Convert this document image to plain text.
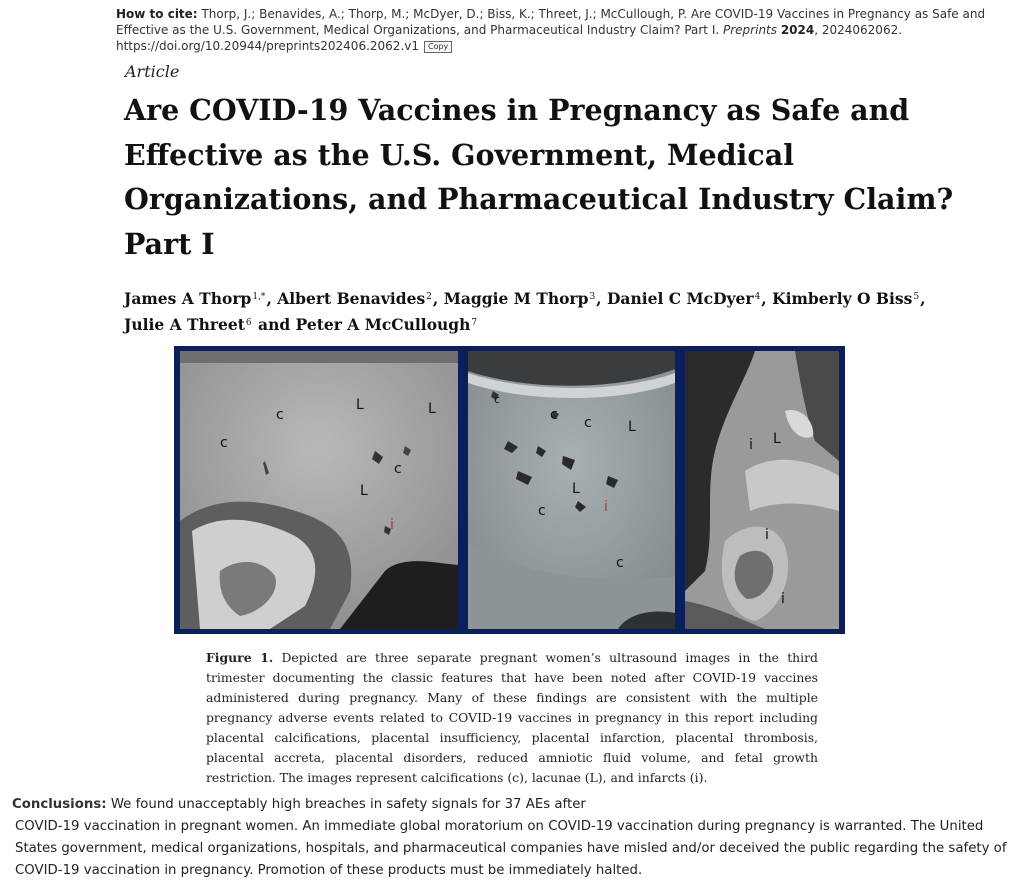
How to cite: Thorp, J.; Benavides, A.; Thorp, M.; McDyer, D.; Biss, K.; Threet, J.; McCullough, P. Are COVID-19 Vaccines in Pregnancy as Safe and Effective as the U.S. Government, Medical Organizations, and Pharmaceutical Industry Claim? Part I. Preprints 2024, 2024062062.
https://doi.org/10.20944/preprints202406.2062.v1 Copy
Article
Are COVID-19 Vaccines in Pregnancy as Safe and Effective as the U.S. Government, Medical Organizations, and Pharmaceutical Industry Claim? Part I
James A Thorp$^{1,*}$, Albert Benavides$^2$, Maggie M Thorp$^3$, Daniel C McDyer$^4$, Kimberly O Biss$^5$,
Julie A Threet$^6$ and Peter A McCullough$^7$
c
c
L	L
c
L
i
c
c c	L
L
c	i
c
i L
i
i
Figure 1. Depicted are three separate pregnant women’s ultrasound images in the third trimester documenting the classic features that have been noted after COVID-19 vaccines administered during pregnancy. Many of these findings are consistent with the multiple pregnancy adverse events related to COVID-19 vaccines in pregnancy in this report including placental calcifications, placental insufficiency, placental infarction, placental thrombosis, placental accreta, placental disorders, reduced amniotic fluid volume, and fetal growth restriction. The images represent calcifications (c), lacunae (L), and infarcts (i).
Conclusions: We found unacceptably high breaches in safety signals for 37 AEs after
COVID-19 vaccination in pregnant women. An immediate global moratorium on COVID-19 vaccination during pregnancy is warranted. The United States government, medical organizations, hospitals, and pharmaceutical companies have misled and/or deceived the public regarding the safety of COVID-19 vaccination in pregnancy. Promotion of these products must be immediately halted.
